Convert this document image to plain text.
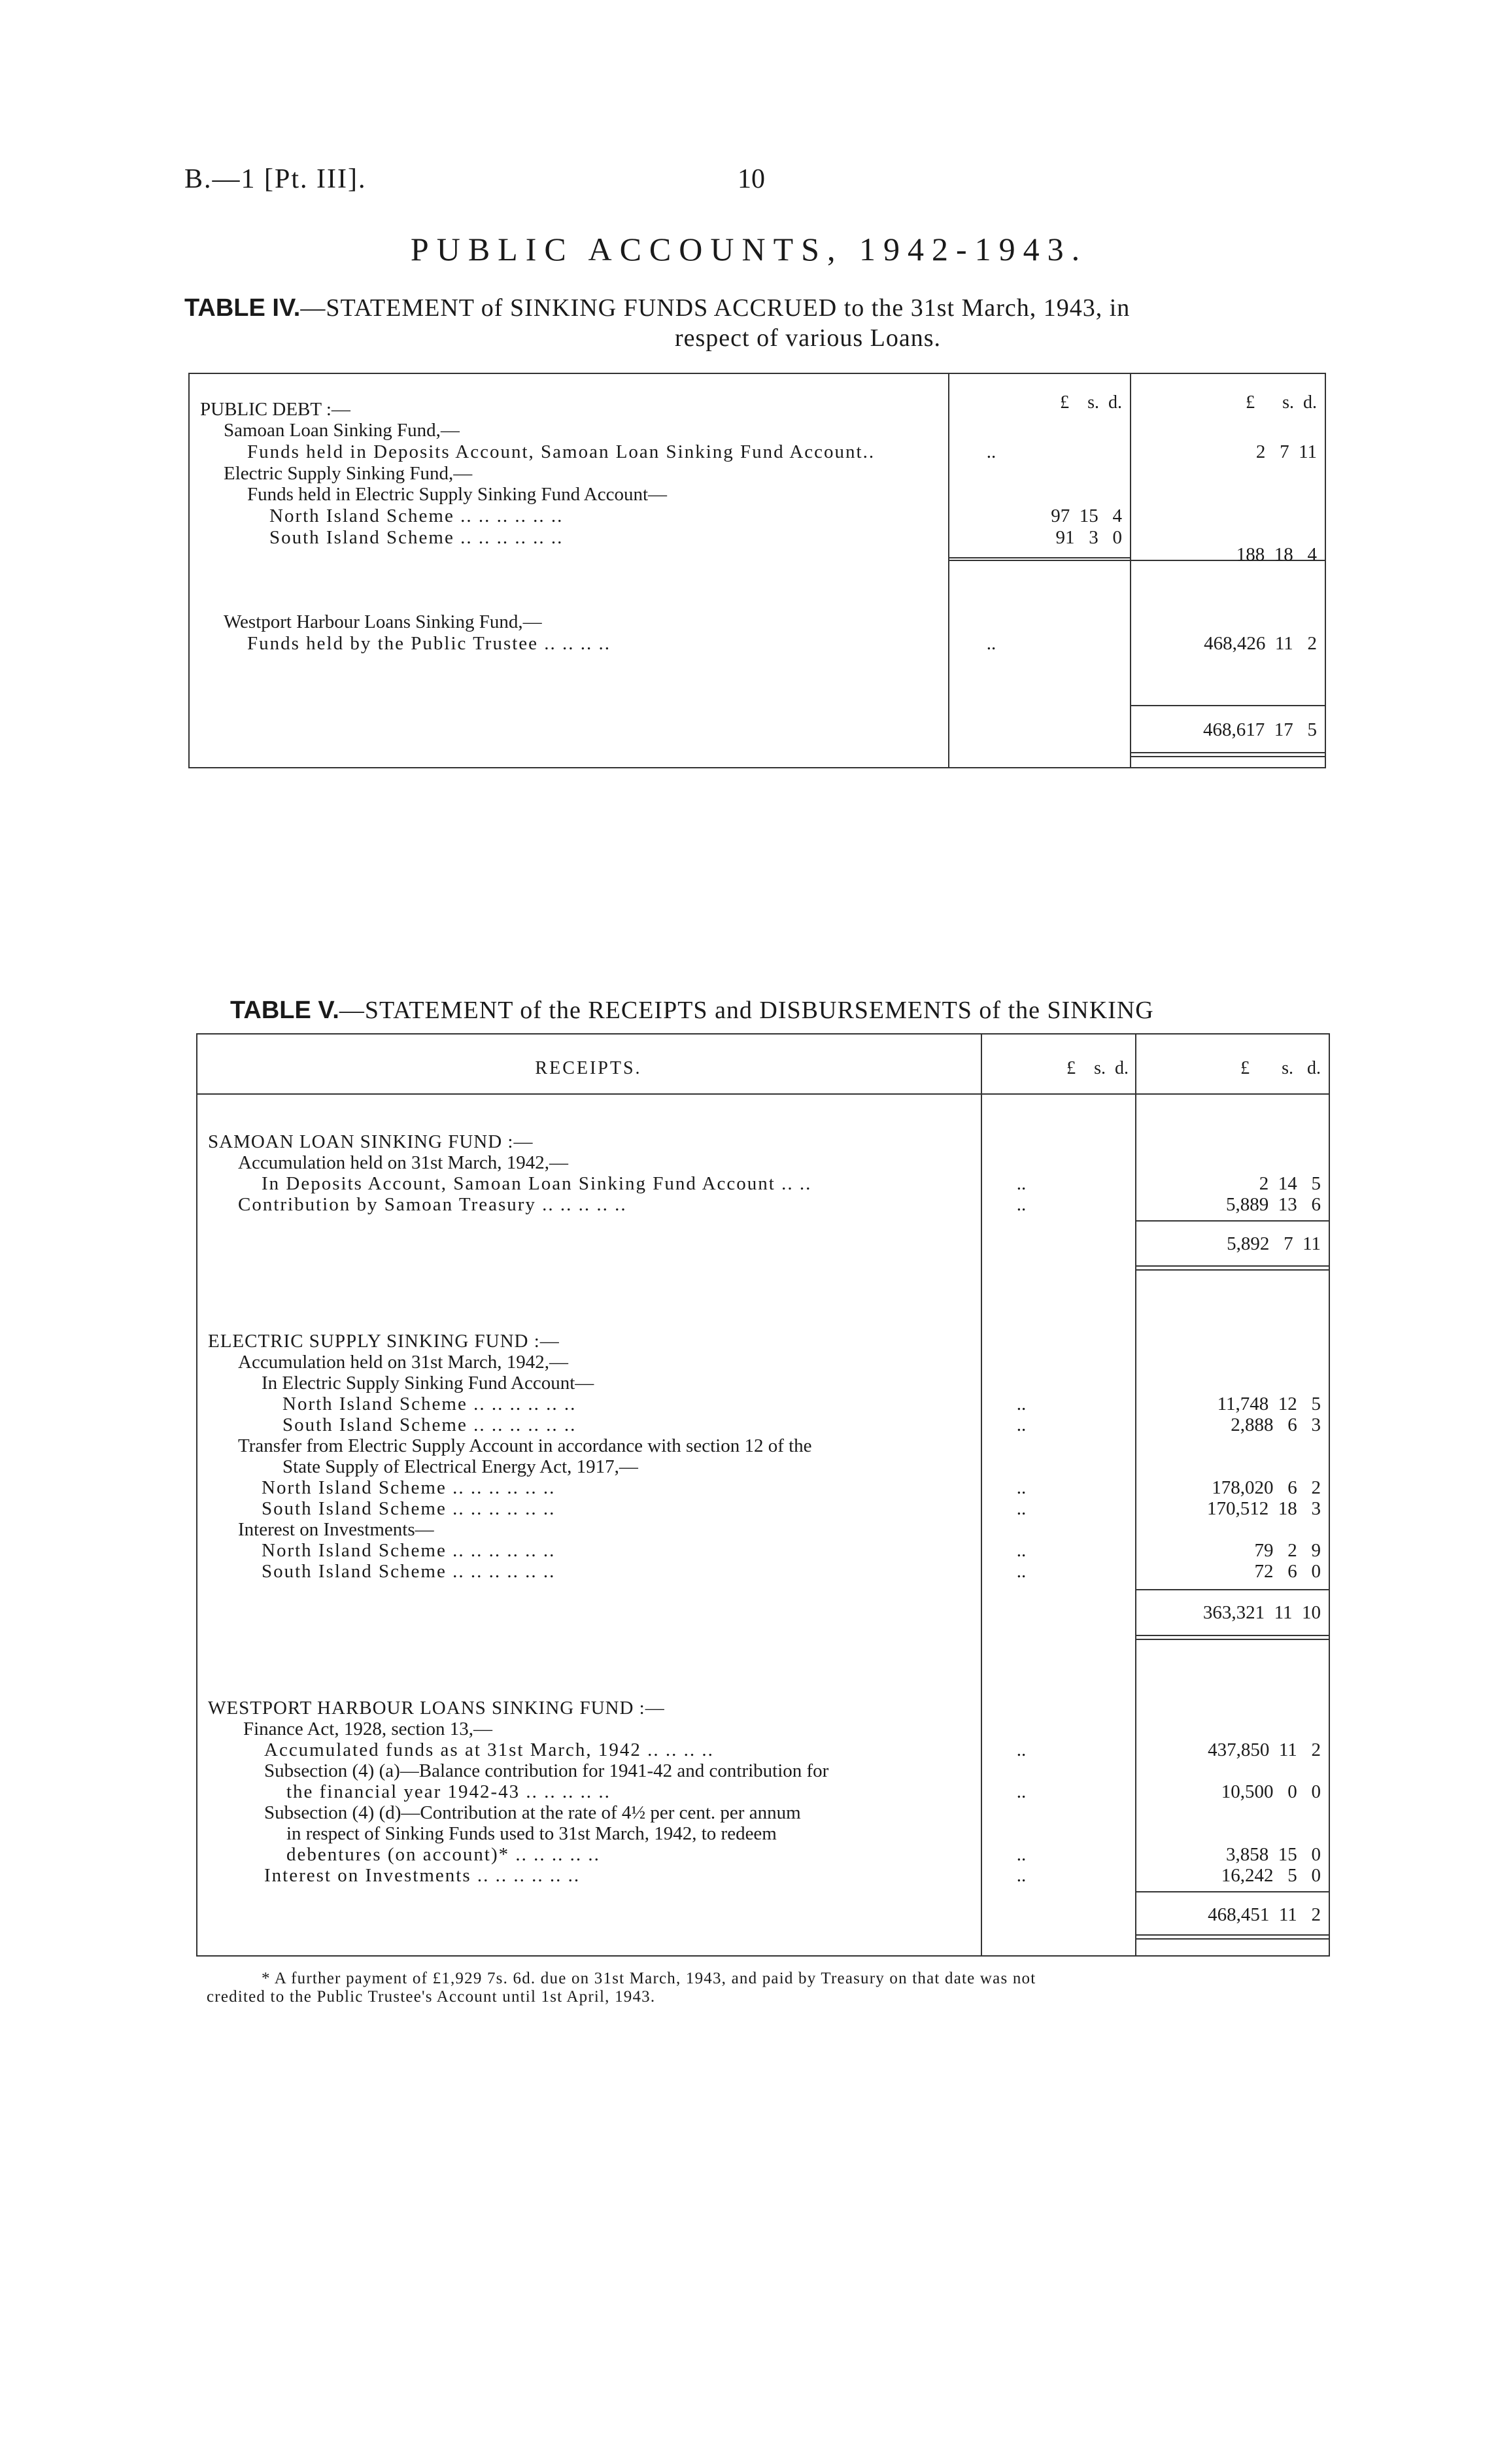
B.—1 [Pt. III].	10
PUBLIC ACCOUNTS, 1942-1943.
TABLE IV.—STATEMENT of SINKING FUNDS ACCRUED to the 31st March, 1943, in
respect of various Loans.
£    s.  d.	£      s.  d.
PUBLIC DEBT :—
Samoan Loan Sinking Fund,—
Funds held in Deposits Account, Samoan Loan Sinking Fund Account..	..	2   7  11
Electric Supply Sinking Fund,—
Funds held in Electric Supply Sinking Fund Account—
North Island Scheme .. .. .. .. .. ..	97  15   4
South Island Scheme .. .. .. .. .. ..	91   3   0
188  18   4
Westport Harbour Loans Sinking Fund,—
Funds held by the Public Trustee .. .. .. ..	..	468,426  11   2
468,617  17   5
TABLE V.—STATEMENT of the RECEIPTS and DISBURSEMENTS of the SINKING
RECEIPTS.	£    s.  d.	£       s.   d.
SAMOAN LOAN SINKING FUND :—
Accumulation held on 31st March, 1942,—
In Deposits Account, Samoan Loan Sinking Fund Account .. ..	..	2  14   5
Contribution by Samoan Treasury .. .. .. .. ..	..	5,889  13   6
5,892   7  11
ELECTRIC SUPPLY SINKING FUND :—
Accumulation held on 31st March, 1942,—
In Electric Supply Sinking Fund Account—
North Island Scheme .. .. .. .. .. ..	..	11,748  12   5
South Island Scheme .. .. .. .. .. ..	..	2,888   6   3
Transfer from Electric Supply Account in accordance with section 12 of the
State Supply of Electrical Energy Act, 1917,—
North Island Scheme .. .. .. .. .. ..	..	178,020   6   2
South Island Scheme .. .. .. .. .. ..	..	170,512  18   3
Interest on Investments—
North Island Scheme .. .. .. .. .. ..	..	79   2   9
South Island Scheme .. .. .. .. .. ..	..	72   6   0
363,321  11  10
WESTPORT HARBOUR LOANS SINKING FUND :—
Finance Act, 1928, section 13,—
Accumulated funds as at 31st March, 1942 .. .. .. ..	..	437,850  11   2
Subsection (4) (a)—Balance contribution for 1941-42 and contribution for
the financial year 1942-43 .. .. .. .. ..	..	10,500   0   0
Subsection (4) (d)—Contribution at the rate of 4½ per cent. per annum
in respect of Sinking Funds used to 31st March, 1942, to redeem
debentures (on account)* .. .. .. .. ..	..	3,858  15   0
Interest on Investments .. .. .. .. .. ..	..	16,242   5   0
468,451  11   2
* A further payment of £1,929 7s. 6d. due on 31st March, 1943, and paid by Treasury on that date was not
credited to the Public Trustee's Account until 1st April, 1943.
